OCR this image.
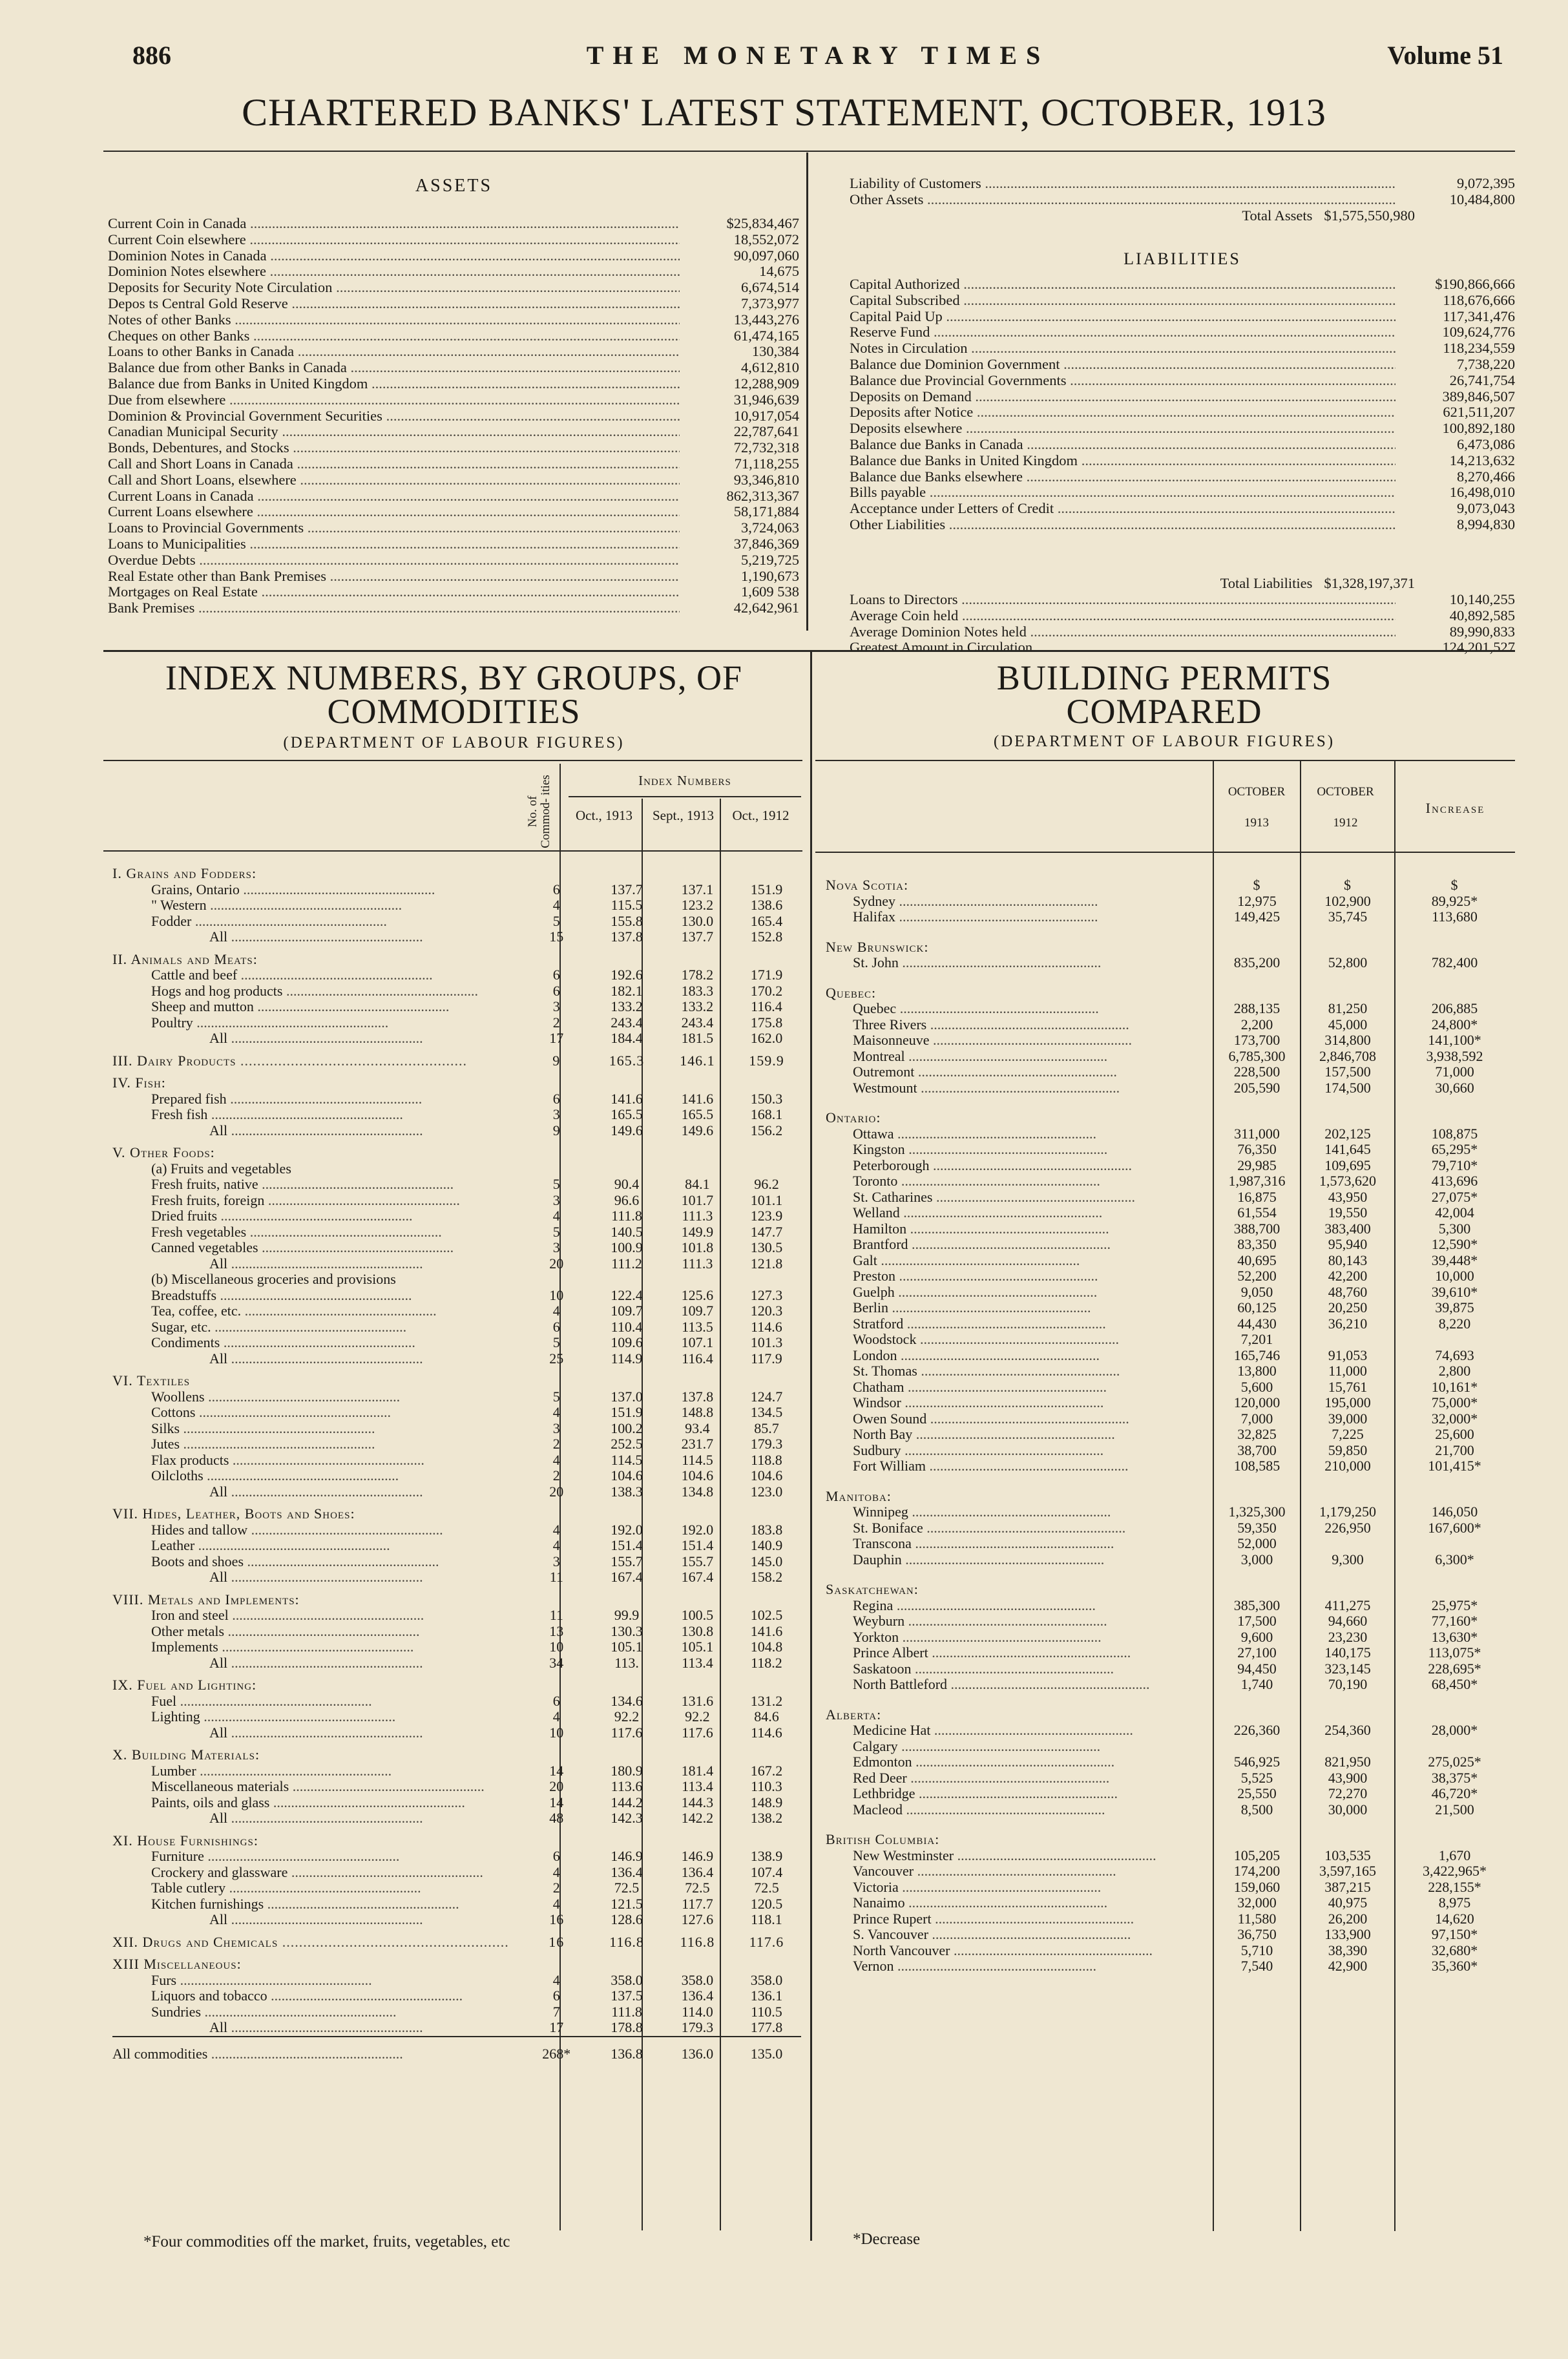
886	THE MONETARY TIMES	Volume 51
CHARTERED BANKS' LATEST STATEMENT, OCTOBER, 1913
ASSETS
Current Coin in Canada .....	$25,834,467
Current Coin elsewhere .....	18,552,072
Dominion Notes in Canada .....	90,097,060
Dominion Notes elsewhere .....	14,675
Deposits for Security Note Circulation .....	6,674,514
Depos ts Central Gold Reserve .....	7,373,977
Notes of other Banks .....	13,443,276
Cheques on other Banks .....	61,474,165
Loans to other Banks in Canada .....	130,384
Balance due from other Banks in Canada .....	4,612,810
Balance due from Banks in United Kingdom .....	12,288,909
Due from elsewhere .....	31,946,639
Dominion & Provincial Government Securities .....	10,917,054
Canadian Municipal Security .....	22,787,641
Bonds, Debentures, and Stocks .....	72,732,318
Call and Short Loans in Canada .....	71,118,255
Call and Short Loans, elsewhere .....	93,346,810
Current Loans in Canada .....	862,313,367
Current Loans elsewhere .....	58,171,884
Loans to Provincial Governments .....	3,724,063
Loans to Municipalities .....	37,846,369
Overdue Debts .....	5,219,725
Real Estate other than Bank Premises .....	1,190,673
Mortgages on Real Estate .....	1,609 538
Bank Premises .....	42,642,961
Liability of Customers .....	9,072,395
Other Assets .....	10,484,800
Total Assets $1,575,550,980
LIABILITIES
Capital Authorized .....	$190,866,666
Capital Subscribed .....	118,676,666
Capital Paid Up .....	117,341,476
Reserve Fund .....	109,624,776
Notes in Circulation .....	118,234,559
Balance due Dominion Government .....	7,738,220
Balance due Provincial Governments .....	26,741,754
Deposits on Demand .....	389,846,507
Deposits after Notice .....	621,511,207
Deposits elsewhere .....	100,892,180
Balance due Banks in Canada .....	6,473,086
Balance due Banks in United Kingdom .....	14,213,632
Balance due Banks elsewhere .....	8,270,466
Bills payable .....	16,498,010
Acceptance under Letters of Credit .....	9,073,043
Other Liabilities .....	8,994,830
Total Liabilities $1,328,197,371
Loans to Directors .....	10,140,255
Average Coin held .....	40,892,585
Average Dominion Notes held .....	89,990,833
Greatest Amount in Circulation .....	124,201,527
INDEX NUMBERS, BY GROUPS, OF
COMMODITIES
(DEPARTMENT OF LABOUR FIGURES)
No. of Commod- ities	Index Numbers
Oct., 1913	Sept., 1913	Oct., 1912
I. Grains and Fodders:				
Grains, Ontario ......................................................	6	137.7	137.1	151.9
" Western ......................................................	4	115.5	123.2	138.6
Fodder ......................................................	5	155.8	130.0	165.4
All ......................................................	15	137.8	137.7	152.8
II. Animals and Meats:				
Cattle and beef ......................................................	6	192.6	178.2	171.9
Hogs and hog products ......................................................	6	182.1	183.3	170.2
Sheep and mutton ......................................................	3	133.2	133.2	116.4
Poultry ......................................................	2	243.4	243.4	175.8
All ......................................................	17	184.4	181.5	162.0
III. Dairy Products ......................................................	9	165.3	146.1	159.9
IV. Fish:				
Prepared fish ......................................................	6	141.6	141.6	150.3
Fresh fish ......................................................	3	165.5	165.5	168.1
All ......................................................	9	149.6	149.6	156.2
V. Other Foods:				
(a) Fruits and vegetables				
Fresh fruits, native ......................................................	5	90.4	84.1	96.2
Fresh fruits, foreign ......................................................	3	96.6	101.7	101.1
Dried fruits ......................................................	4	111.8	111.3	123.9
Fresh vegetables ......................................................	5	140.5	149.9	147.7
Canned vegetables ......................................................	3	100.9	101.8	130.5
All ......................................................	20	111.2	111.3	121.8
(b) Miscellaneous groceries and provisions				
Breadstuffs ......................................................	10	122.4	125.6	127.3
Tea, coffee, etc. ......................................................	4	109.7	109.7	120.3
Sugar, etc. ......................................................	6	110.4	113.5	114.6
Condiments ......................................................	5	109.6	107.1	101.3
All ......................................................	25	114.9	116.4	117.9
VI. Textiles				
Woollens ......................................................	5	137.0	137.8	124.7
Cottons ......................................................	4	151.9	148.8	134.5
Silks ......................................................	3	100.2	93.4	85.7
Jutes ......................................................	2	252.5	231.7	179.3
Flax products ......................................................	4	114.5	114.5	118.8
Oilcloths ......................................................	2	104.6	104.6	104.6
All ......................................................	20	138.3	134.8	123.0
VII. Hides, Leather, Boots and Shoes:				
Hides and tallow ......................................................	4	192.0	192.0	183.8
Leather ......................................................	4	151.4	151.4	140.9
Boots and shoes ......................................................	3	155.7	155.7	145.0
All ......................................................	11	167.4	167.4	158.2
VIII. Metals and Implements:				
Iron and steel ......................................................	11	99.9	100.5	102.5
Other metals ......................................................	13	130.3	130.8	141.6
Implements ......................................................	10	105.1	105.1	104.8
All ......................................................	34	113.	113.4	118.2
IX. Fuel and Lighting:				
Fuel ......................................................	6	134.6	131.6	131.2
Lighting ......................................................	4	92.2	92.2	84.6
All ......................................................	10	117.6	117.6	114.6
X. Building Materials:				
Lumber ......................................................	14	180.9	181.4	167.2
Miscellaneous materials ......................................................	20	113.6	113.4	110.3
Paints, oils and glass ......................................................	14	144.2	144.3	148.9
All ......................................................	48	142.3	142.2	138.2
XI. House Furnishings:				
Furniture ......................................................	6	146.9	146.9	138.9
Crockery and glassware ......................................................	4	136.4	136.4	107.4
Table cutlery ......................................................	2	72.5	72.5	72.5
Kitchen furnishings ......................................................	4	121.5	117.7	120.5
All ......................................................	16	128.6	127.6	118.1
XII. Drugs and Chemicals ......................................................	16	116.8	116.8	117.6
XIII Miscellaneous:				
Furs ......................................................	4	358.0	358.0	358.0
Liquors and tobacco ......................................................	6	137.5	136.4	136.1
Sundries ......................................................	7	111.8	114.0	110.5
All ......................................................	17	178.8	179.3	177.8
All commodities ......................................................	268*	136.8	136.0	135.0
*Four commodities off the market, fruits, vegetables, etc
BUILDING PERMITS
COMPARED
(DEPARTMENT OF LABOUR FIGURES)
OCTOBER
1913
OCTOBER
1912
Increase
Nova Scotia:	$	$	$
Sydney ........................................................	12,975	102,900	89,925*
Halifax ........................................................	149,425	35,745	113,680
New Brunswick:			
St. John ........................................................	835,200	52,800	782,400
Quebec:			
Quebec ........................................................	288,135	81,250	206,885
Three Rivers ........................................................	2,200	45,000	24,800*
Maisonneuve ........................................................	173,700	314,800	141,100*
Montreal ........................................................	6,785,300	2,846,708	3,938,592
Outremont ........................................................	228,500	157,500	71,000
Westmount ........................................................	205,590	174,500	30,660
Ontario:			
Ottawa ........................................................	311,000	202,125	108,875
Kingston ........................................................	76,350	141,645	65,295*
Peterborough ........................................................	29,985	109,695	79,710*
Toronto ........................................................	1,987,316	1,573,620	413,696
St. Catharines ........................................................	16,875	43,950	27,075*
Welland ........................................................	61,554	19,550	42,004
Hamilton ........................................................	388,700	383,400	5,300
Brantford ........................................................	83,350	95,940	12,590*
Galt ........................................................	40,695	80,143	39,448*
Preston ........................................................	52,200	42,200	10,000
Guelph ........................................................	9,050	48,760	39,610*
Berlin ........................................................	60,125	20,250	39,875
Stratford ........................................................	44,430	36,210	8,220
Woodstock ........................................................	7,201		
London ........................................................	165,746	91,053	74,693
St. Thomas ........................................................	13,800	11,000	2,800
Chatham ........................................................	5,600	15,761	10,161*
Windsor ........................................................	120,000	195,000	75,000*
Owen Sound ........................................................	7,000	39,000	32,000*
North Bay ........................................................	32,825	7,225	25,600
Sudbury ........................................................	38,700	59,850	21,700
Fort William ........................................................	108,585	210,000	101,415*
Manitoba:			
Winnipeg ........................................................	1,325,300	1,179,250	146,050
St. Boniface ........................................................	59,350	226,950	167,600*
Transcona ........................................................	52,000		
Dauphin ........................................................	3,000	9,300	6,300*
Saskatchewan:			
Regina ........................................................	385,300	411,275	25,975*
Weyburn ........................................................	17,500	94,660	77,160*
Yorkton ........................................................	9,600	23,230	13,630*
Prince Albert ........................................................	27,100	140,175	113,075*
Saskatoon ........................................................	94,450	323,145	228,695*
North Battleford ........................................................	1,740	70,190	68,450*
Alberta:			
Medicine Hat ........................................................	226,360	254,360	28,000*
Calgary ........................................................			
Edmonton ........................................................	546,925	821,950	275,025*
Red Deer ........................................................	5,525	43,900	38,375*
Lethbridge ........................................................	25,550	72,270	46,720*
Macleod ........................................................	8,500	30,000	21,500
British Columbia:			
New Westminster ........................................................	105,205	103,535	1,670
Vancouver ........................................................	174,200	3,597,165	3,422,965*
Victoria ........................................................	159,060	387,215	228,155*
Nanaimo ........................................................	32,000	40,975	8,975
Prince Rupert ........................................................	11,580	26,200	14,620
S. Vancouver ........................................................	36,750	133,900	97,150*
North Vancouver ........................................................	5,710	38,390	32,680*
Vernon ........................................................	7,540	42,900	35,360*
*Decrease
